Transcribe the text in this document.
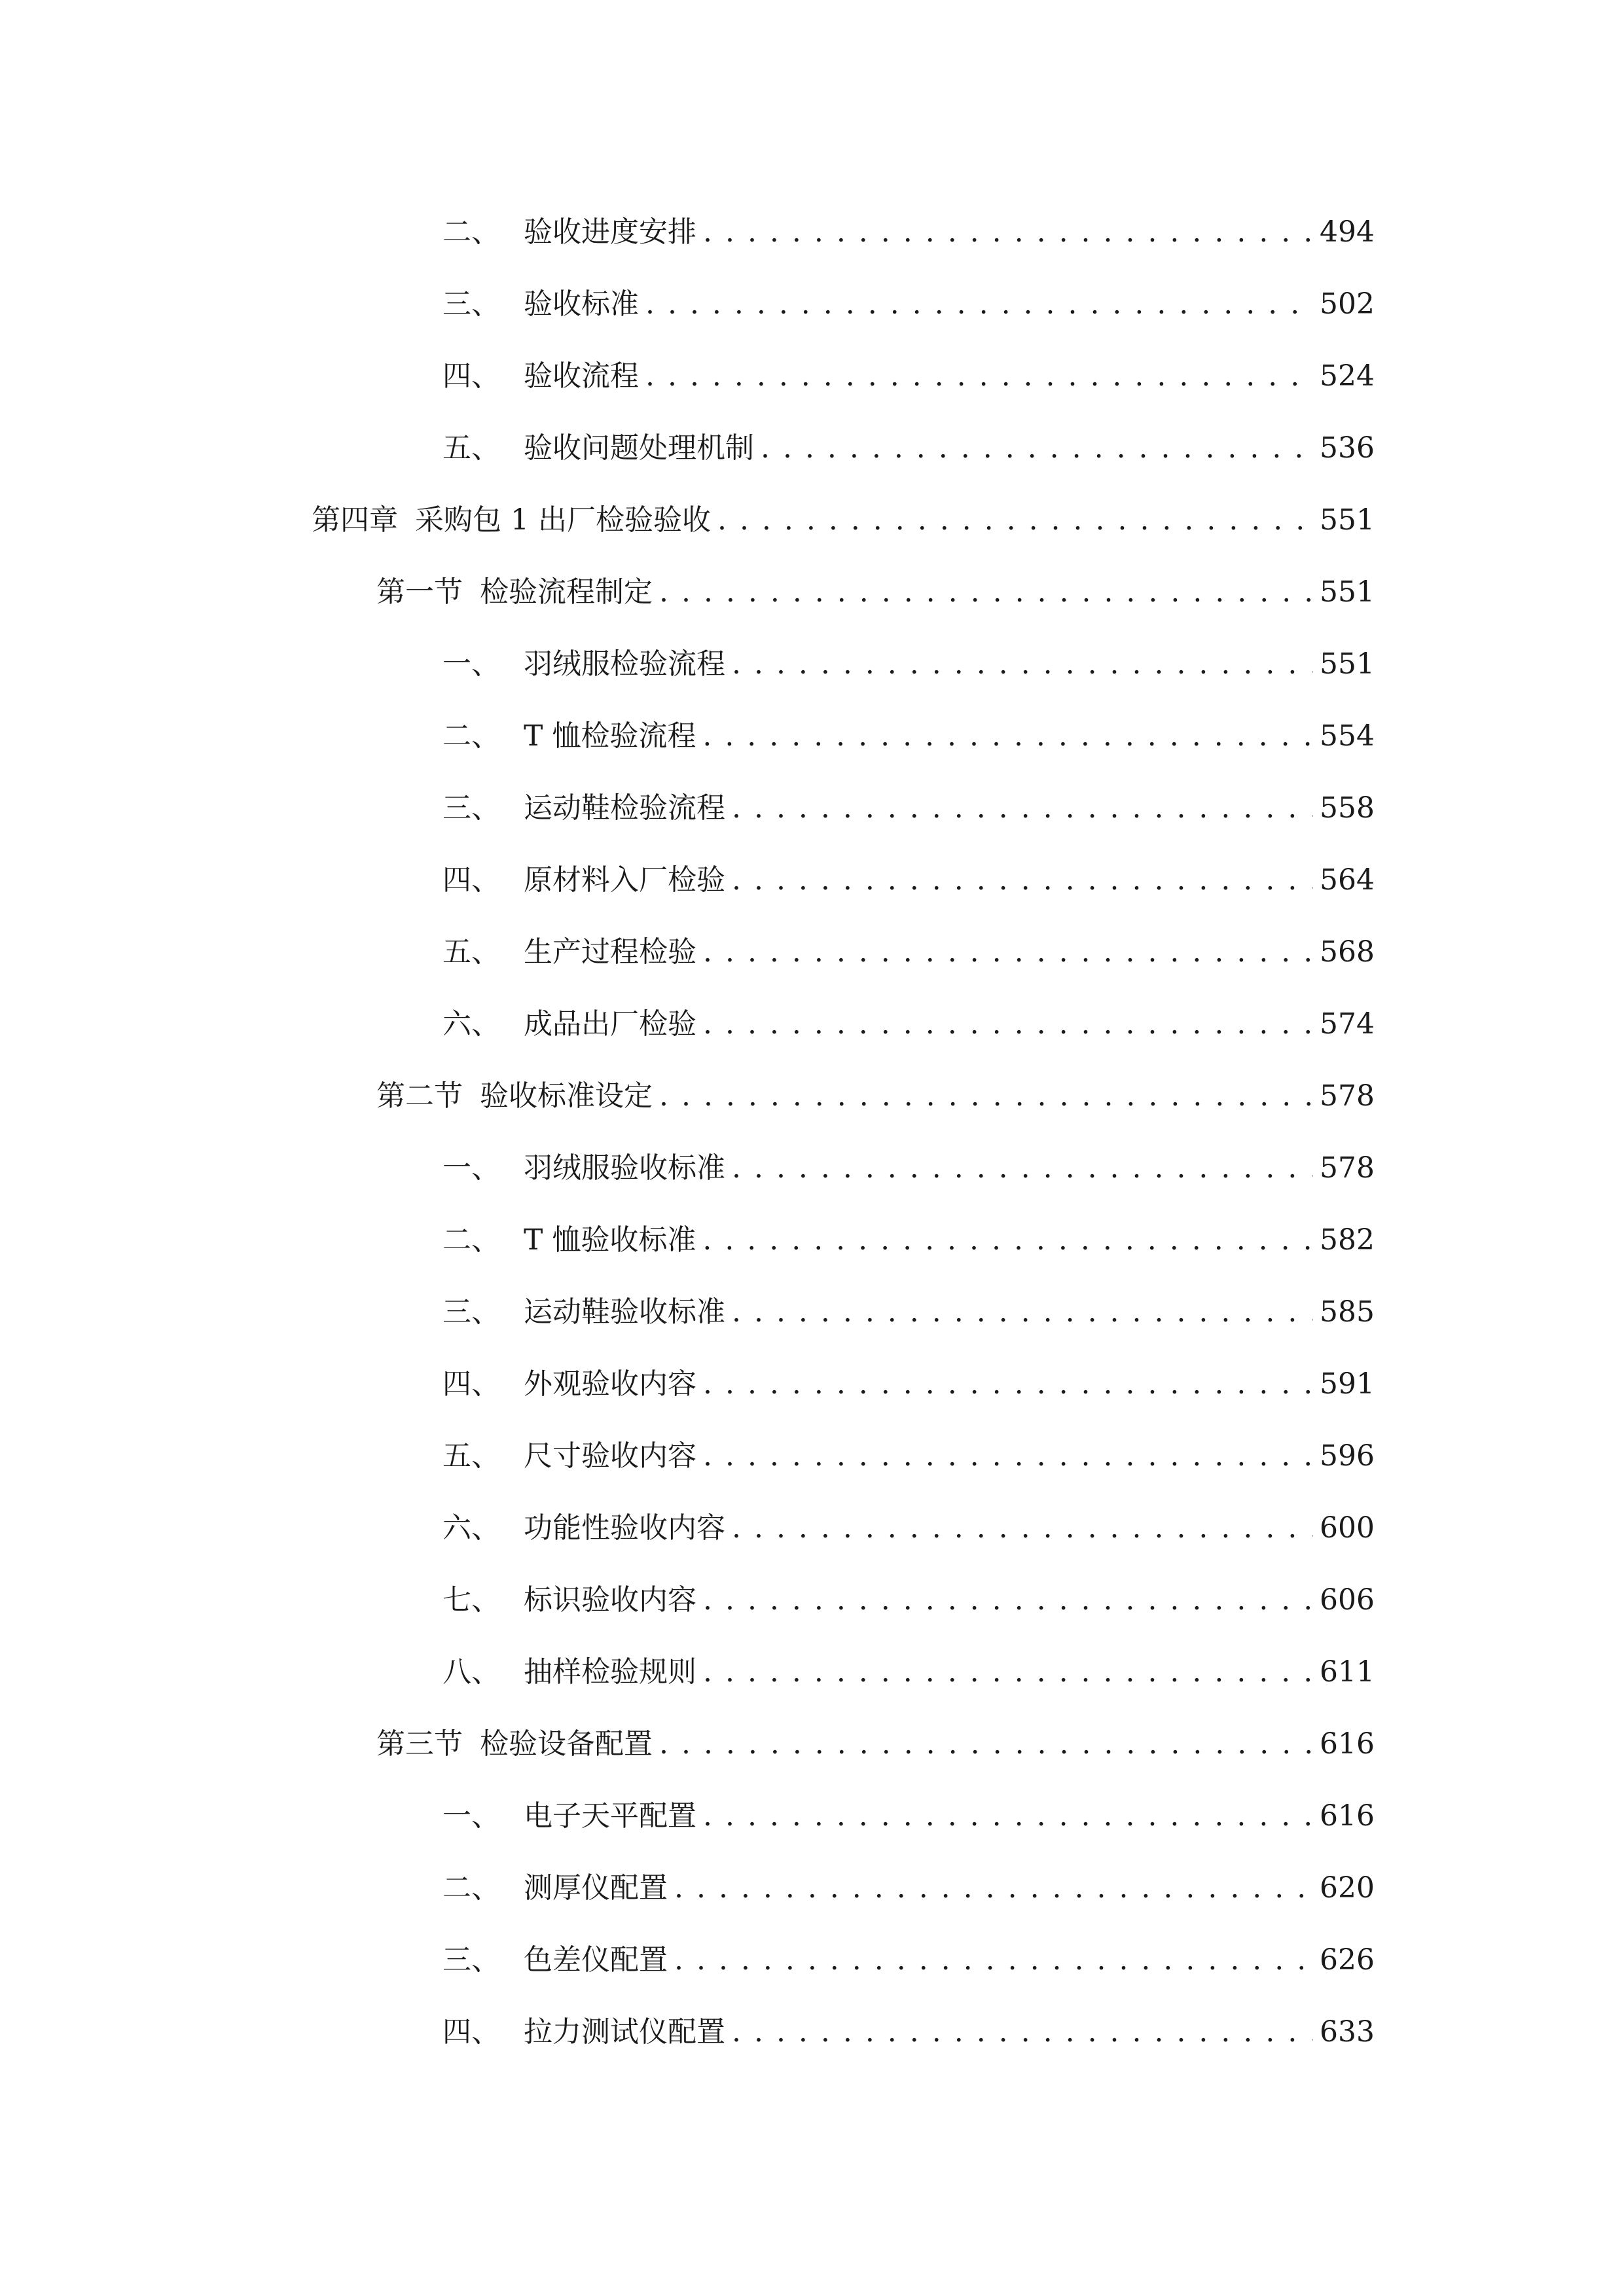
二、 验收进度安排 . . .	494
三、 验收标准 . . .	502
四、 验收流程 . . .	524
五、 验收问题处理机制 . . .	536
第四章 采购包 1 出厂检验验收 . . .	551
第一节 检验流程制定 . . .	551
一、 羽绒服检验流程 . . .	551
二、 T 恤检验流程 . . .	554
三、 运动鞋检验流程 . . .	558
四、 原材料入厂检验 . . .	564
五、 生产过程检验 . . .	568
六、 成品出厂检验 . . .	574
第二节 验收标准设定 . . .	578
一、 羽绒服验收标准 . . .	578
二、 T 恤验收标准 . . .	582
三、 运动鞋验收标准 . . .	585
四、 外观验收内容 . . .	591
五、 尺寸验收内容 . . .	596
六、 功能性验收内容 . . .	600
七、 标识验收内容 . . .	606
八、 抽样检验规则 . . .	611
第三节 检验设备配置 . . .	616
一、 电子天平配置 . . .	616
二、 测厚仪配置 . . .	620
三、 色差仪配置 . . .	626
四、 拉力测试仪配置 . . .	633
